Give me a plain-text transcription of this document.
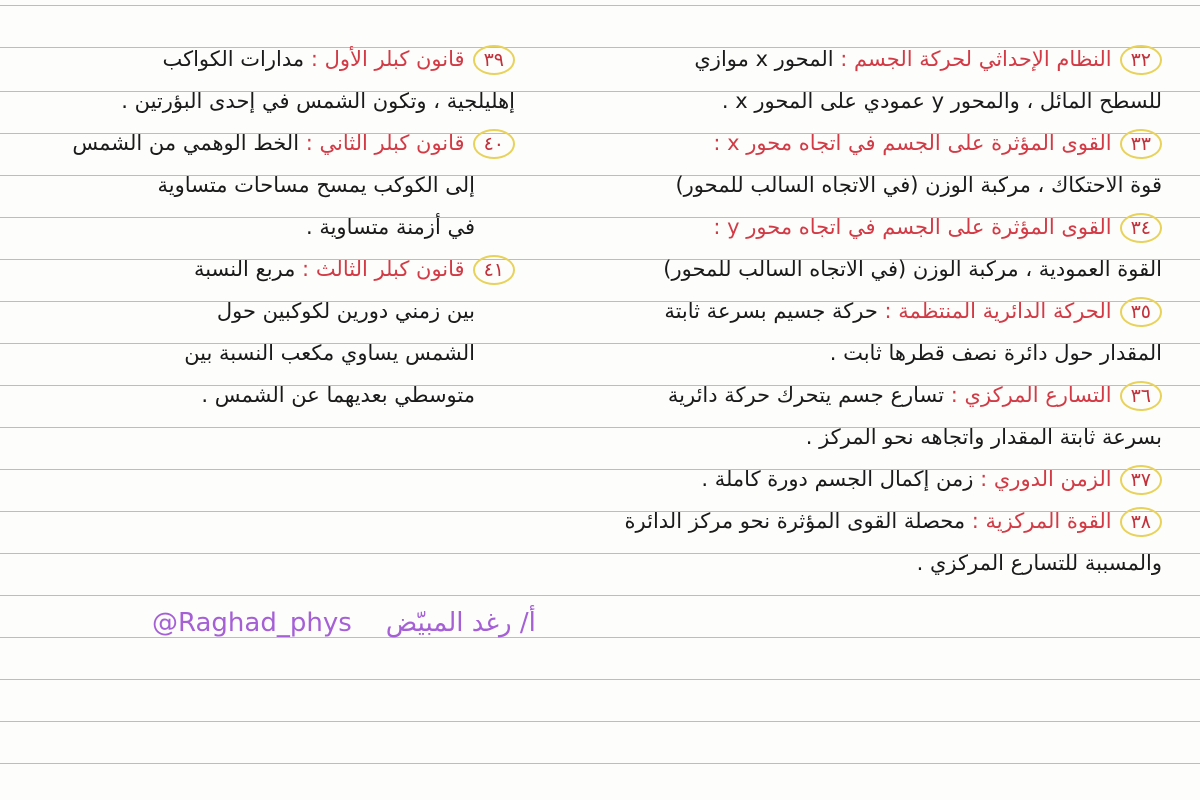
٣٢النظام الإحداثي لحركة الجسم : المحور x موازي
للسطح المائل ، والمحور y عمودي على المحور x .
٣٣القوى المؤثرة على الجسم في اتجاه محور x :
قوة الاحتكاك ، مركبة الوزن (في الاتجاه السالب للمحور)
٣٤القوى المؤثرة على الجسم في اتجاه محور y :
القوة العمودية ، مركبة الوزن (في الاتجاه السالب للمحور)
٣٥الحركة الدائرية المنتظمة : حركة جسيم بسرعة ثابتة
المقدار حول دائرة نصف قطرها ثابت .
٣٦التسارع المركزي : تسارع جسم يتحرك حركة دائرية
بسرعة ثابتة المقدار واتجاهه نحو المركز .
٣٧الزمن الدوري : زمن إكمال الجسم دورة كاملة .
٣٨القوة المركزية : محصلة القوى المؤثرة نحو مركز الدائرة
والمسببة للتسارع المركزي .
٣٩قانون كبلر الأول : مدارات الكواكب
إهليلجية ، وتكون الشمس في إحدى البؤرتين .
٤٠قانون كبلر الثاني : الخط الوهمي من الشمس
إلى الكوكب يمسح مساحات متساوية
في أزمنة متساوية .
٤١قانون كبلر الثالث : مربع النسبة
بين زمني دورين لكوكبين حول
الشمس يساوي مكعب النسبة بين
متوسطي بعديهما عن الشمس .
@Raghad_phys أ/ رغد المبيّض
